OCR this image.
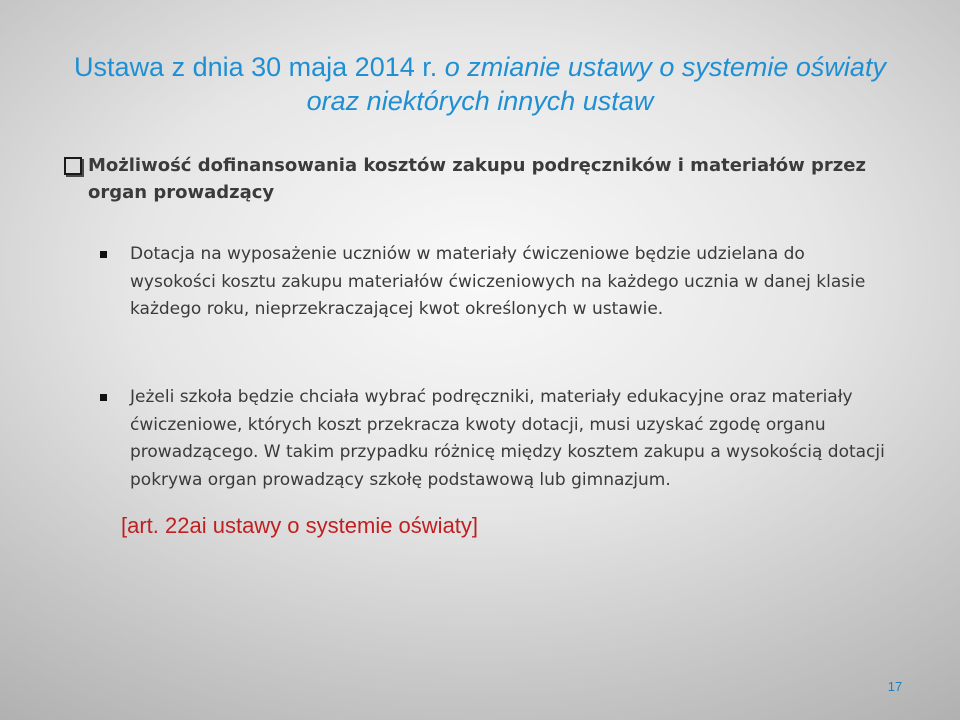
Ustawa z dnia 30 maja 2014 r. o zmianie ustawy o systemie oświaty oraz niektórych innych ustaw
Możliwość dofinansowania kosztów zakupu podręczników i materiałów przez organ prowadzący
Dotacja na wyposażenie uczniów w materiały ćwiczeniowe będzie udzielana do wysokości kosztu zakupu materiałów ćwiczeniowych na każdego ucznia w danej klasie każdego roku, nieprzekraczającej kwot określonych w ustawie.
Jeżeli szkoła będzie chciała wybrać podręczniki, materiały edukacyjne oraz materiały ćwiczeniowe, których koszt przekracza kwoty dotacji, musi uzyskać zgodę organu prowadzącego. W takim przypadku różnicę między kosztem zakupu a wysokością dotacji pokrywa organ prowadzący szkołę podstawową lub gimnazjum.
[art. 22ai ustawy o systemie oświaty]
17
